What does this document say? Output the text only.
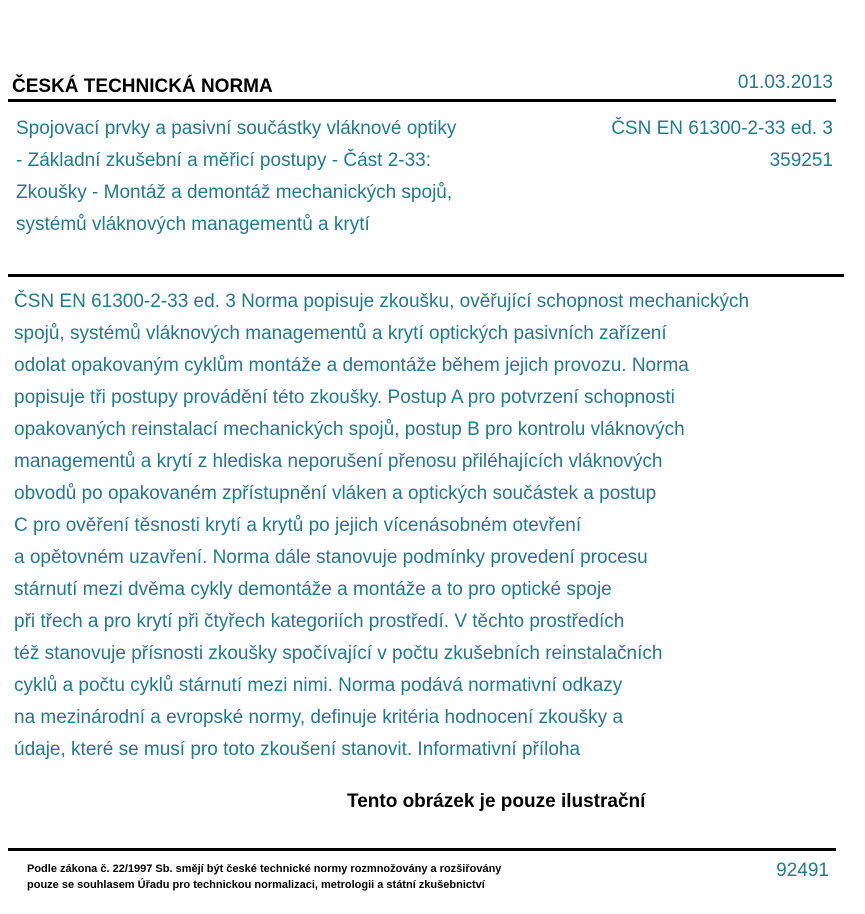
ČESKÁ TECHNICKÁ NORMA	01.03.2013
Spojovací prvky a pasivní součástky vláknové optiky
- Základní zkušební a měřicí postupy - Část 2-33:
Zkoušky - Montáž a demontáž mechanických spojů,
systémů vláknových managementů a krytí
ČSN EN 61300-2-33 ed. 3
359251
ČSN EN 61300-2-33 ed. 3 Norma popisuje zkoušku, ověřující schopnost mechanických
spojů, systémů vláknových managementů a krytí optických pasivních zařízení
odolat opakovaným cyklům montáže a demontáže během jejich provozu. Norma
popisuje tři postupy provádění této zkoušky. Postup A pro potvrzení schopnosti
opakovaných reinstalací mechanických spojů, postup B pro kontrolu vláknových
managementů a krytí z hlediska neporušení přenosu přiléhajících vláknových
obvodů po opakovaném zpřístupnění vláken a optických součástek a postup
C pro ověření těsnosti krytí a krytů po jejich vícenásobném otevření
a opětovném uzavření. Norma dále stanovuje podmínky provedení procesu
stárnutí mezi dvěma cykly demontáže a montáže a to pro optické spoje
při třech a pro krytí při čtyřech kategoriích prostředí. V těchto prostředích
též stanovuje přísnosti zkoušky spočívající v počtu zkušebních reinstalačních
cyklů a počtu cyklů stárnutí mezi nimi. Norma podává normativní odkazy
na mezinárodní a evropské normy, definuje kritéria hodnocení zkoušky a
údaje, které se musí pro toto zkoušení stanovit. Informativní příloha
Tento obrázek je pouze ilustrační
Podle zákona č. 22/1997 Sb. smějí být české technické normy rozmnožovány a rozšiřovány
pouze se souhlasem Úřadu pro technickou normalizaci, metrologii a státní zkušebnictví
92491
